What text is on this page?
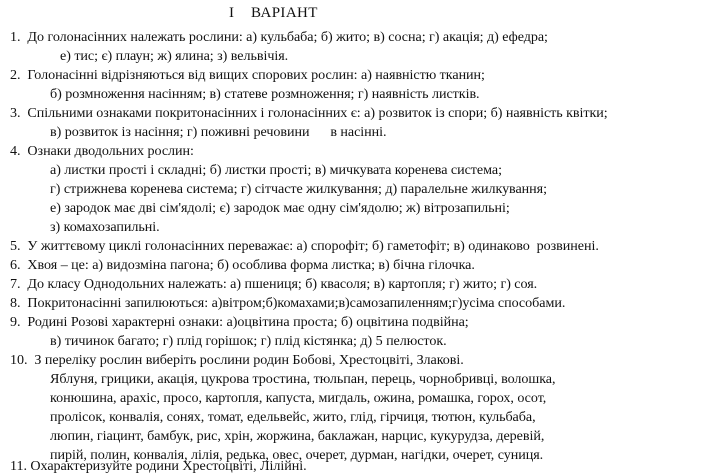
I    ВАРІАНТ
1.  До голонасінних належать рослини: а) кульбаба; б) жито; в) сосна; г) акація; д) ефедра;
е) тис; є) плаун; ж) ялина; з) вельвічія.
2.  Голонасінні відрізняються від вищих спорових рослин: а) наявністю тканин;
б) розмноження насінням; в) статеве розмноження; г) наявність листків.
3.  Спільними ознаками покритонасінних і голонасінних є: а) розвиток із спори; б) наявність квітки;
в) розвиток із насіння; г) поживні речовини      в насінні.
4.  Ознаки дводольних рослин:
а) листки прості і складні; б) листки прості; в) мичкувата коренева система;
г) стрижнева коренева система; г) сітчасте жилкування; д) паралельне жилкування;
е) зародок має дві сім'ядолі; є) зародок має одну сім'ядолю; ж) вітрозапильні;
з) комахозапильні.
5.  У життєвому циклі голонасінних переважає: а) спорофіт; б) гаметофіт; в) одинаково  розвинені.
6.  Хвоя – це: а) видозміна пагона; б) особлива форма листка; в) бічна гілочка.
7.  До класу Однодольних належать: а) пшениця; б) квасоля; в) картопля; г) жито; г) соя.
8.  Покритонасінні запилюються: а)вітром;б)комахами;в)самозапиленням;г)усіма способами.
9.  Родині Розові характерні ознаки: а)оцвітина проста; б) оцвітина подвійна;
в) тичинок багато; г) плід горішок; г) плід кістянка; д) 5 пелюсток.
10.  З переліку рослин виберіть рослини родин Бобові, Хрестоцвіті, Злакові.
Яблуня, грицики, акація, цукрова тростина, тюльпан, перець, чорнобривці, волошка,
конюшина, арахіс, просо, картопля, капуста, мигдаль, ожина, ромашка, горох, осот,
пролісок, конвалія, сонях, томат, едельвейс, жито, глід, гірчиця, тютюн, кульбаба,
люпин, гіацинт, бамбук, рис, хрін, жоржина, баклажан, нарцис, кукурудза, деревій,
пирій, полин, конвалія, лілія, редька, овес, очерет, дурман, нагідки, очерет, суниця.
11. Охарактеризуйте родини Хрестоцвіті, Лілійні.
